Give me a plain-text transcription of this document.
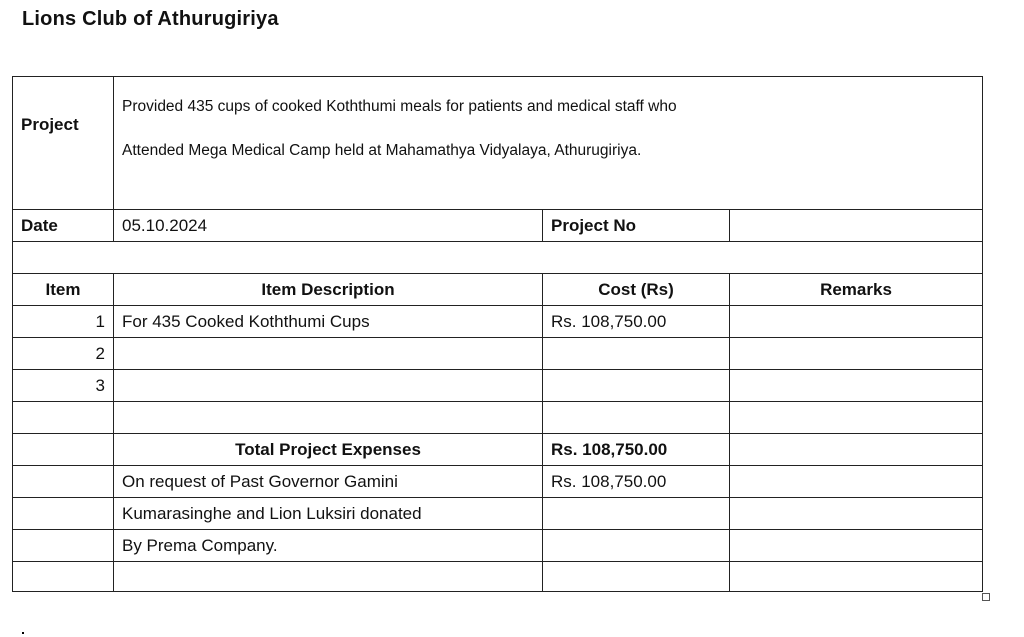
Lions Club of Athurugiriya
Project	Provided 435 cups of cooked Koththumi meals for patients and medical staff who
Attended Mega Medical Camp held at Mahamathya Vidyalaya, Athurugiriya.		

Date	05.10.2024	Project No	

Item	Item Description	Cost (Rs)	Remarks
1	For 435 Cooked Koththumi Cups	Rs. 108,750.00	
2			
3			

	Total Project Expenses	Rs. 108,750.00	
	On request of Past Governor Gamini	Rs. 108,750.00	
	Kumarasinghe and Lion Luksiri donated		
	By Prema Company.		
